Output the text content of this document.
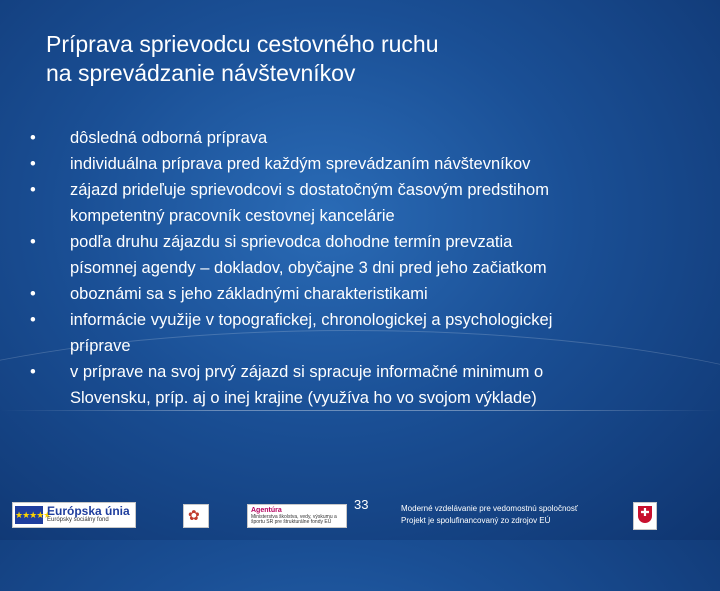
Príprava sprievodcu cestovného ruchu
na sprevádzanie návštevníkov
•	dôsledná odborná príprava
•	individuálna príprava pred každým sprevádzaním návštevníkov
•	zájazd prideľuje sprievodcovi s dostatočným časovým predstihom
kompetentný pracovník cestovnej kancelárie
•	podľa druhu zájazdu si sprievodca dohodne termín prevzatia
písomnej agendy – dokladov, obyčajne 3 dni pred jeho začiatkom
•	oboznámi sa s jeho základnými charakteristikami
•	informácie využije v topografickej, chronologickej a psychologickej
príprave
•	v príprave na svoj prvý zájazd si spracuje informačné minimum o
Slovensku, príp. aj o inej krajine (využíva ho vo svojom výklade)
★★★★★
Európska únia
Európsky sociálny fond	✿	Agentúra
Ministerstva školstva, vedy, výskumu a športu SR pre štrukturálne fondy EÚ
33	Moderné vzdelávanie pre vedomostnú spoločnosť
Projekt je spolufinancovaný zo zdrojov EÚ
✚
